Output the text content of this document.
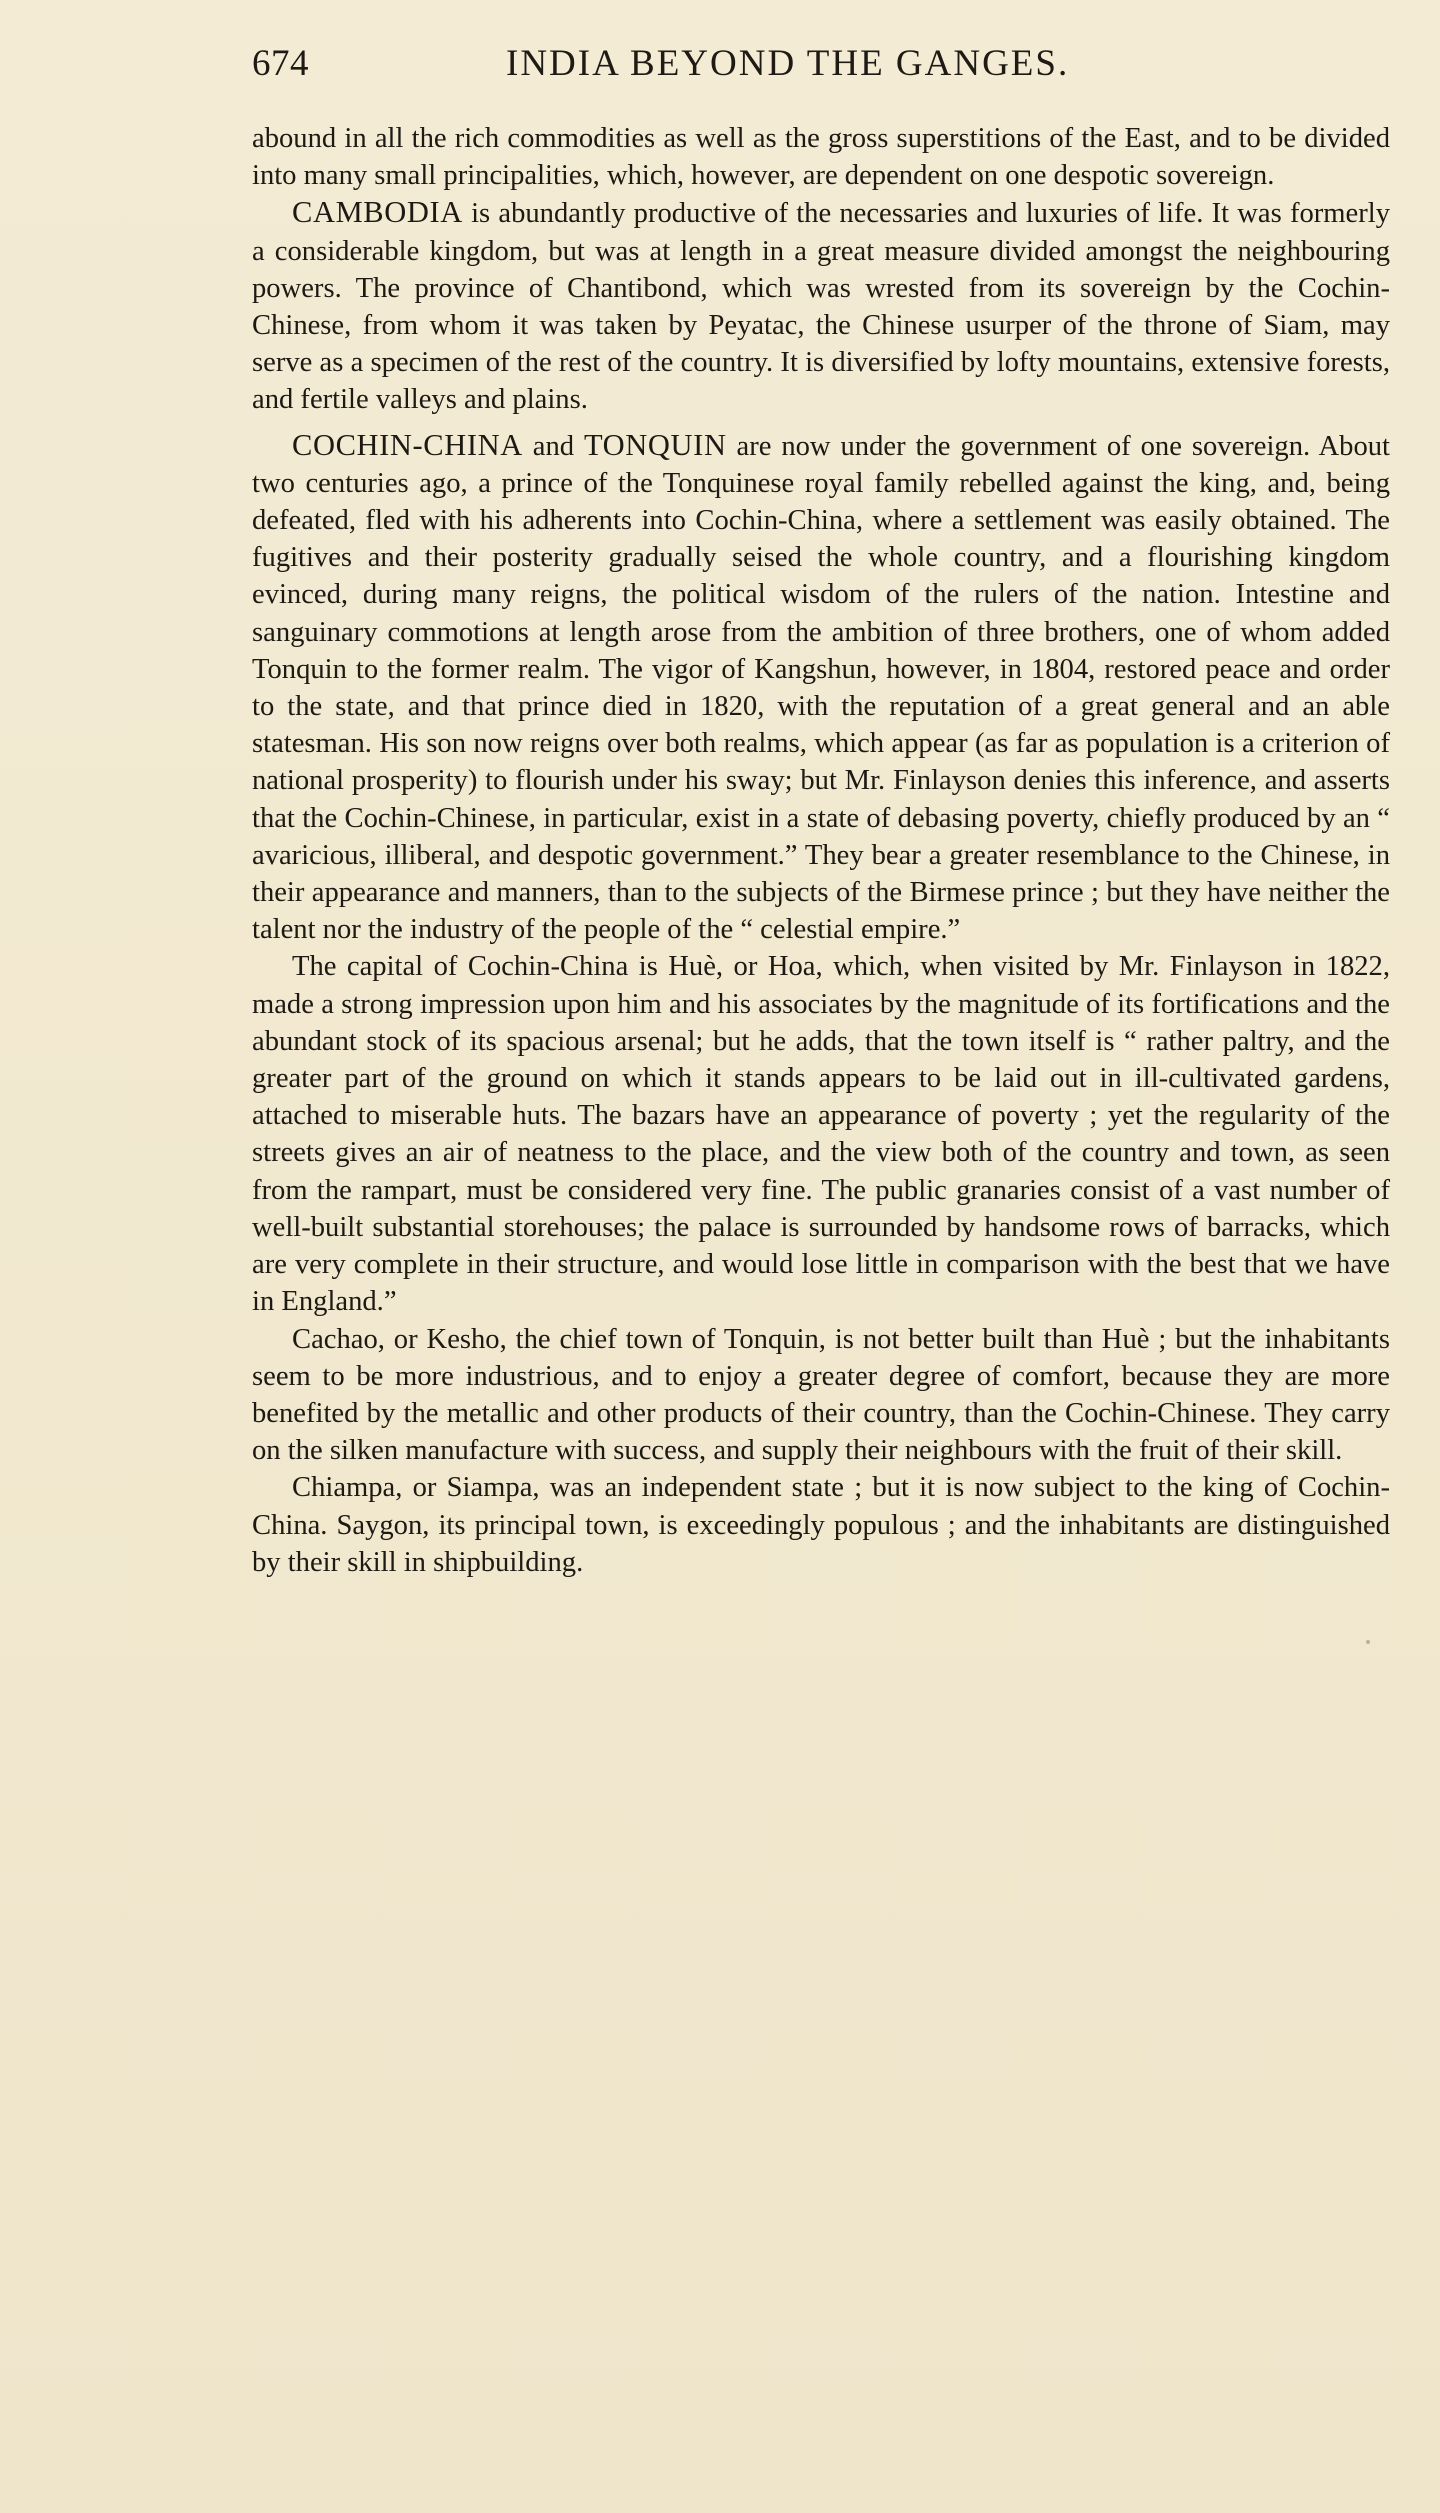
674	INDIA BEYOND THE GANGES.

abound in all the rich commodities as well as the gross superstitions of the East, and to be divided into many small principalities, which, however, are dependent on one despotic sovereign.

CAMBODIA is abundantly productive of the necessaries and luxuries of life. It was formerly a considerable kingdom, but was at length in a great measure divided amongst the neighbouring powers. The province of Chantibond, which was wrested from its sovereign by the Cochin-Chinese, from whom it was taken by Peyatac, the Chinese usurper of the throne of Siam, may serve as a specimen of the rest of the country. It is diversified by lofty mountains, extensive forests, and fertile valleys and plains.

COCHIN-CHINA and TONQUIN are now under the government of one sovereign. About two centuries ago, a prince of the Tonquinese royal family rebelled against the king, and, being defeated, fled with his adherents into Cochin-China, where a settlement was easily obtained. The fugitives and their posterity gradually seised the whole country, and a flourishing kingdom evinced, during many reigns, the political wisdom of the rulers of the nation. Intestine and sanguinary commotions at length arose from the ambition of three brothers, one of whom added Tonquin to the former realm. The vigor of Kangshun, however, in 1804, restored peace and order to the state, and that prince died in 1820, with the reputation of a great general and an able statesman. His son now reigns over both realms, which appear (as far as population is a criterion of national prosperity) to flourish under his sway; but Mr. Finlayson denies this inference, and asserts that the Cochin-Chinese, in particular, exist in a state of debasing poverty, chiefly produced by an “ avaricious, illiberal, and despotic government.” They bear a greater resemblance to the Chinese, in their appearance and manners, than to the subjects of the Birmese prince ; but they have neither the talent nor the industry of the people of the “ celestial empire.”

The capital of Cochin-China is Huè, or Hoa, which, when visited by Mr. Finlayson in 1822, made a strong impression upon him and his associates by the magnitude of its fortifications and the abundant stock of its spacious arsenal; but he adds, that the town itself is “ rather paltry, and the greater part of the ground on which it stands appears to be laid out in ill-cultivated gardens, attached to miserable huts. The bazars have an appearance of poverty ; yet the regularity of the streets gives an air of neatness to the place, and the view both of the country and town, as seen from the rampart, must be considered very fine. The public granaries consist of a vast number of well-built substantial storehouses; the palace is surrounded by handsome rows of barracks, which are very complete in their structure, and would lose little in comparison with the best that we have in England.”

Cachao, or Kesho, the chief town of Tonquin, is not better built than Huè ; but the inhabitants seem to be more industrious, and to enjoy a greater degree of comfort, because they are more benefited by the metallic and other products of their country, than the Cochin-Chinese. They carry on the silken manufacture with success, and supply their neighbours with the fruit of their skill.

Chiampa, or Siampa, was an independent state ; but it is now subject to the king of Cochin-China. Saygon, its principal town, is exceedingly populous ; and the inhabitants are distinguished by their skill in shipbuilding.
